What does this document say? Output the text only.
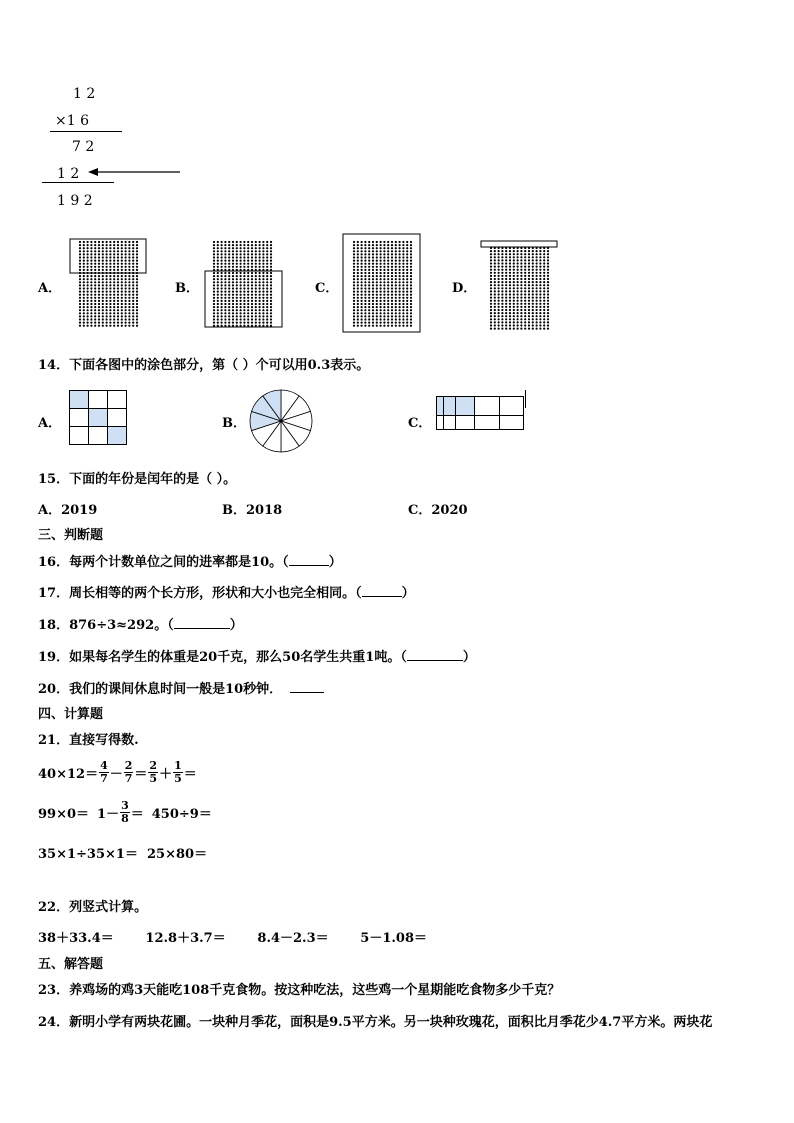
1 2
×1 6
7 2
1 2
1 9 2
A．	B．	C．	D．
14．下面各图中的涂色部分，第（ ）个可以用0.3表示。
A．	B．	C．
15．下面的年份是闰年的是（ ）。
A．2019	B．2018	C．2020
三、判断题
16．每两个计数单位之间的进率都是10。（	）
17．周长相等的两个长方形，形状和大小也完全相同。（	）
18．876÷3≈292。（	）
19．如果每名学生的体重是20千克，那么50名学生共重1吨。（	）
20．我们的课间休息时间一般是10秒钟．
四、计算题
21．直接写得数.
$40\times 12= \frac{4}{7} - \frac{2}{7} = \frac{2}{5} + \frac{1}{5}$ ＝
$99\times 0= 1- \frac{3}{8} = 450\div 9=$
35×1÷35×1＝  25×80＝
22．列竖式计算。
38＋33.4＝       12.8＋3.7＝       8.4－2.3＝       5－1.08＝
五、解答题
23．养鸡场的鸡3天能吃108千克食物。按这种吃法，这些鸡一个星期能吃食物多少千克？
24．新明小学有两块花圃。一块种月季花，面积是9.5平方米。另一块种玫瑰花，面积比月季花少4.7平方米。两块花
